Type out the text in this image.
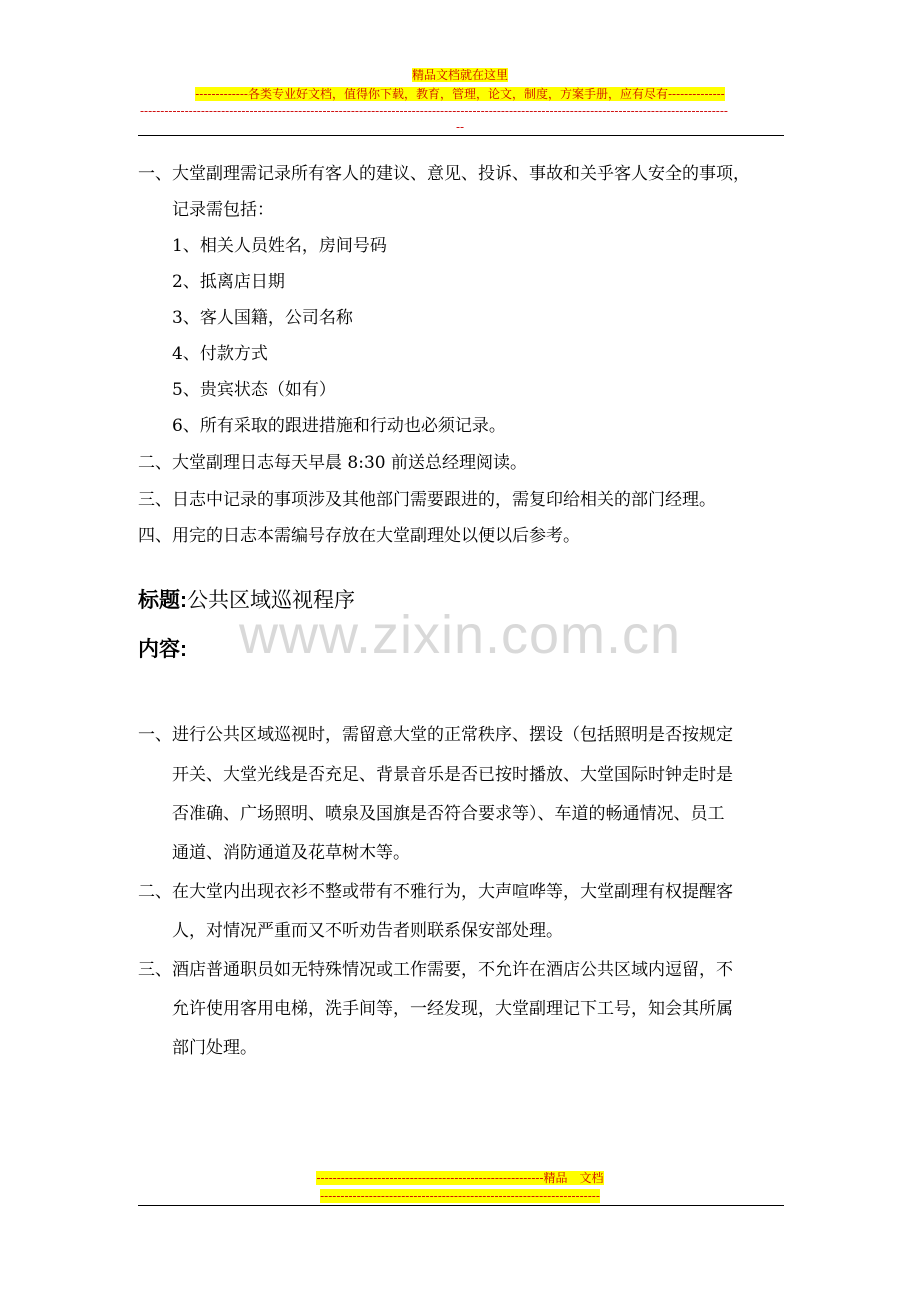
精品文档就在这里
-------------各类专业好文档，值得你下载，教育，管理，论文，制度，方案手册，应有尽有--------------
-------------------------------------------------------------------------------------------------------------------------------------------------
--
一、大堂副理需记录所有客人的建议、意见、投诉、事故和关乎客人安全的事项，
记录需包括：
1、相关人员姓名，房间号码
2、抵离店日期
3、客人国籍，公司名称
4、付款方式
5、贵宾状态（如有）
6、所有采取的跟进措施和行动也必须记录。
二、大堂副理日志每天早晨 8:30 前送总经理阅读。
三、日志中记录的事项涉及其他部门需要跟进的，需复印给相关的部门经理。
四、用完的日志本需编号存放在大堂副理处以便以后参考。
标题:公共区域巡视程序
内容: www.zixin.com.cn
一、进行公共区域巡视时，需留意大堂的正常秩序、摆设（包括照明是否按规定
开关、大堂光线是否充足、背景音乐是否已按时播放、大堂国际时钟走时是
否准确、广场照明、喷泉及国旗是否符合要求等）、车道的畅通情况、员工
通道、消防通道及花草树木等。
二、在大堂内出现衣衫不整或带有不雅行为，大声喧哗等，大堂副理有权提醒客
人，对情况严重而又不听劝告者则联系保安部处理。
三、酒店普通职员如无特殊情况或工作需要，不允许在酒店公共区域内逗留，不
允许使用客用电梯，洗手间等，一经发现，大堂副理记下工号，知会其所属
部门处理。
--------------------------------------------------------精品　文档
---------------------------------------------------------------------
